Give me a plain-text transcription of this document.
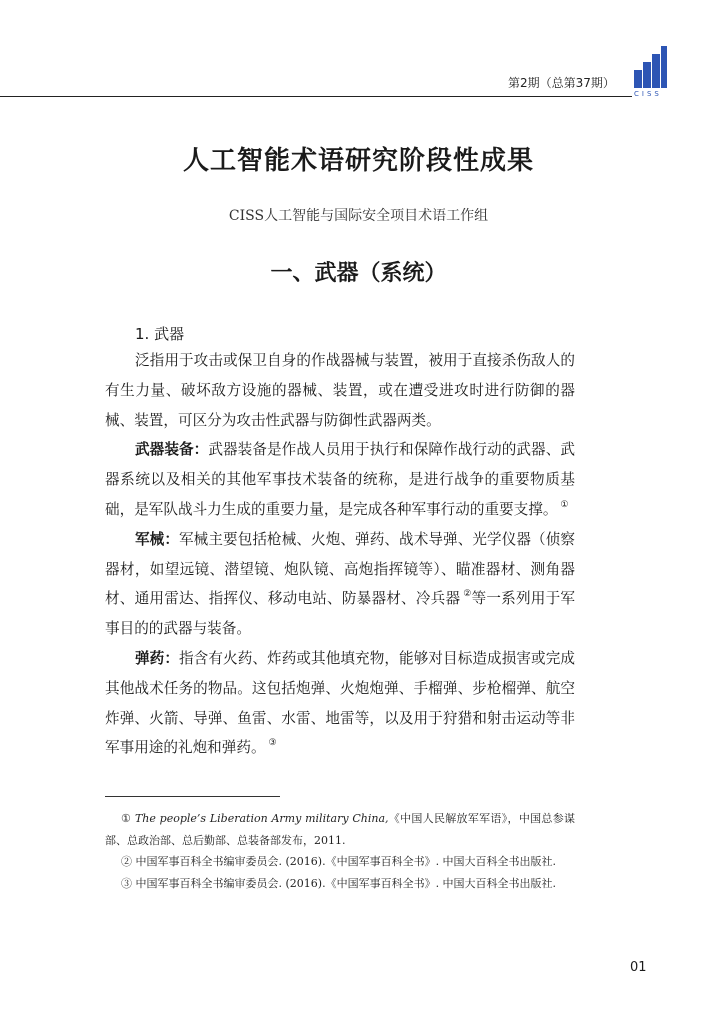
第2期（总第37期）
CISS
人工智能术语研究阶段性成果
CISS人工智能与国际安全项目术语工作组
一、武器（系统）
1. 武器

泛指用于攻击或保卫自身的作战器械与装置，被用于直接杀伤敌人的有生力量、破坏敌方设施的器械、装置，或在遭受进攻时进行防御的器械、装置，可区分为攻击性武器与防御性武器两类。

武器装备：武器装备是作战人员用于执行和保障作战行动的武器、武器系统以及相关的其他军事技术装备的统称，是进行战争的重要物质基础，是军队战斗力生成的重要力量，是完成各种军事行动的重要支撑。 ①

军械：军械主要包括枪械、火炮、弹药、战术导弹、光学仪器（侦察器材，如望远镜、潜望镜、炮队镜、高炮指挥镜等）、瞄准器材、测角器材、通用雷达、指挥仪、移动电站、防暴器材、冷兵器 ②等一系列用于军事目的的武器与装备。

弹药：指含有火药、炸药或其他填充物，能够对目标造成损害或完成其他战术任务的物品。这包括炮弹、火炮炮弹、手榴弹、步枪榴弹、航空炸弹、火箭、导弹、鱼雷、水雷、地雷等，以及用于狩猎和射击运动等非军事用途的礼炮和弹药。 ③

① The people’s Liberation Army military China,《中国人民解放军军语》，中国总参谋部、总政治部、总后勤部、总装备部发布，2011.

② 中国军事百科全书编审委员会. (2016).《中国军事百科全书》. 中国大百科全书出版社.

③ 中国军事百科全书编审委员会. (2016).《中国军事百科全书》. 中国大百科全书出版社.

01
